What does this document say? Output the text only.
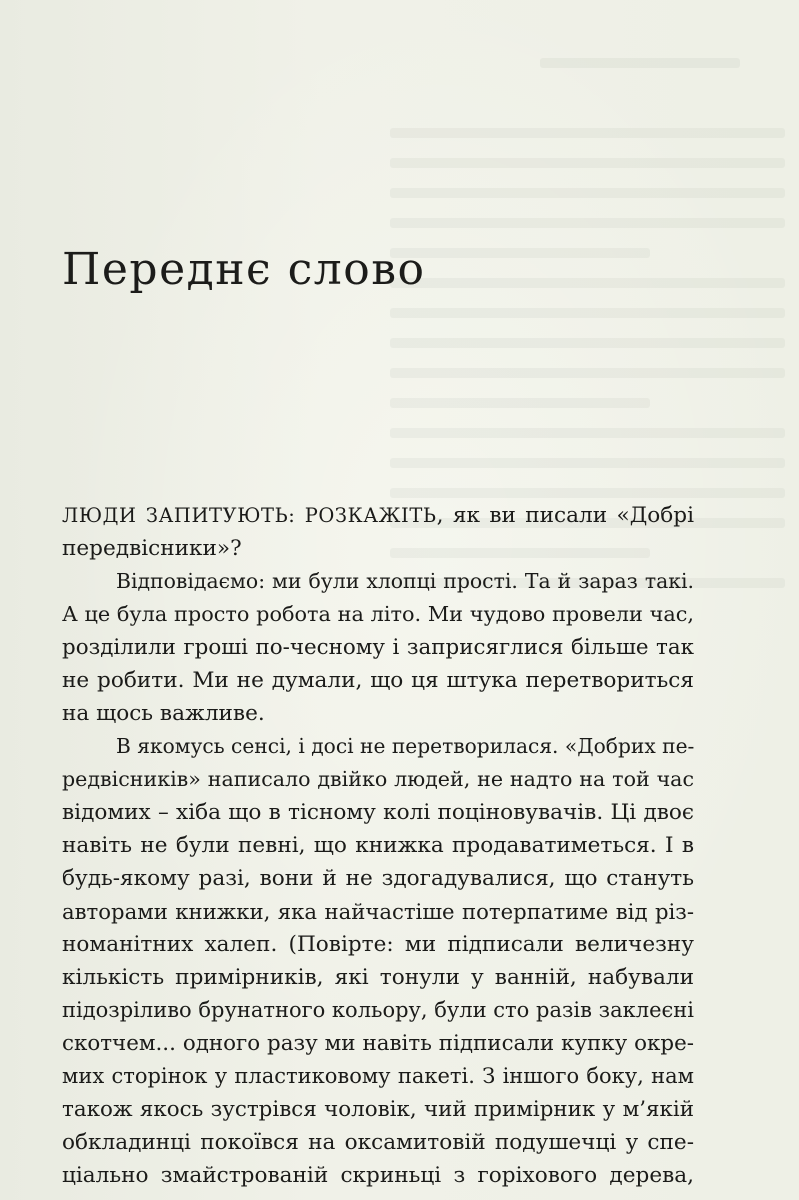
Переднє слово
ЛЮДИ ЗАПИТУЮТЬ: РОЗКАЖІТЬ, як ви писали «Добрі
передвісники»?
Відповідаємо: ми були хлопці прості. Та й зараз такі.
А це була просто робота на літо. Ми чудово провели час,
розділили гроші по-чесному і заприсяглися більше так
не робити. Ми не думали, що ця штука перетвориться
на щось важливе.
В якомусь сенсі, і досі не перетворилася. «Добрих пе-
редвісників» написало двійко людей, не надто на той час
відомих – хіба що в тісному колі поціновувачів. Ці двоє
навіть не були певні, що книжка продаватиметься. І в
будь-якому разі, вони й не здогадувалися, що стануть
авторами книжки, яка найчастіше потерпатиме від різ-
номанітних халеп. (Повірте: ми підписали величезну
кількість примірників, які тонули у ванній, набували
підозріливо брунатного кольору, були сто разів заклеєні
скотчем... одного разу ми навіть підписали купку окре-
мих сторінок у пластиковому пакеті. З іншого боку, нам
також якось зустрівся чоловік, чий примірник у м’якій
обкладинці покоївся на оксамитовій подушечці у спе-
ціально змайстрованій скриньці з горіхового дерева,
